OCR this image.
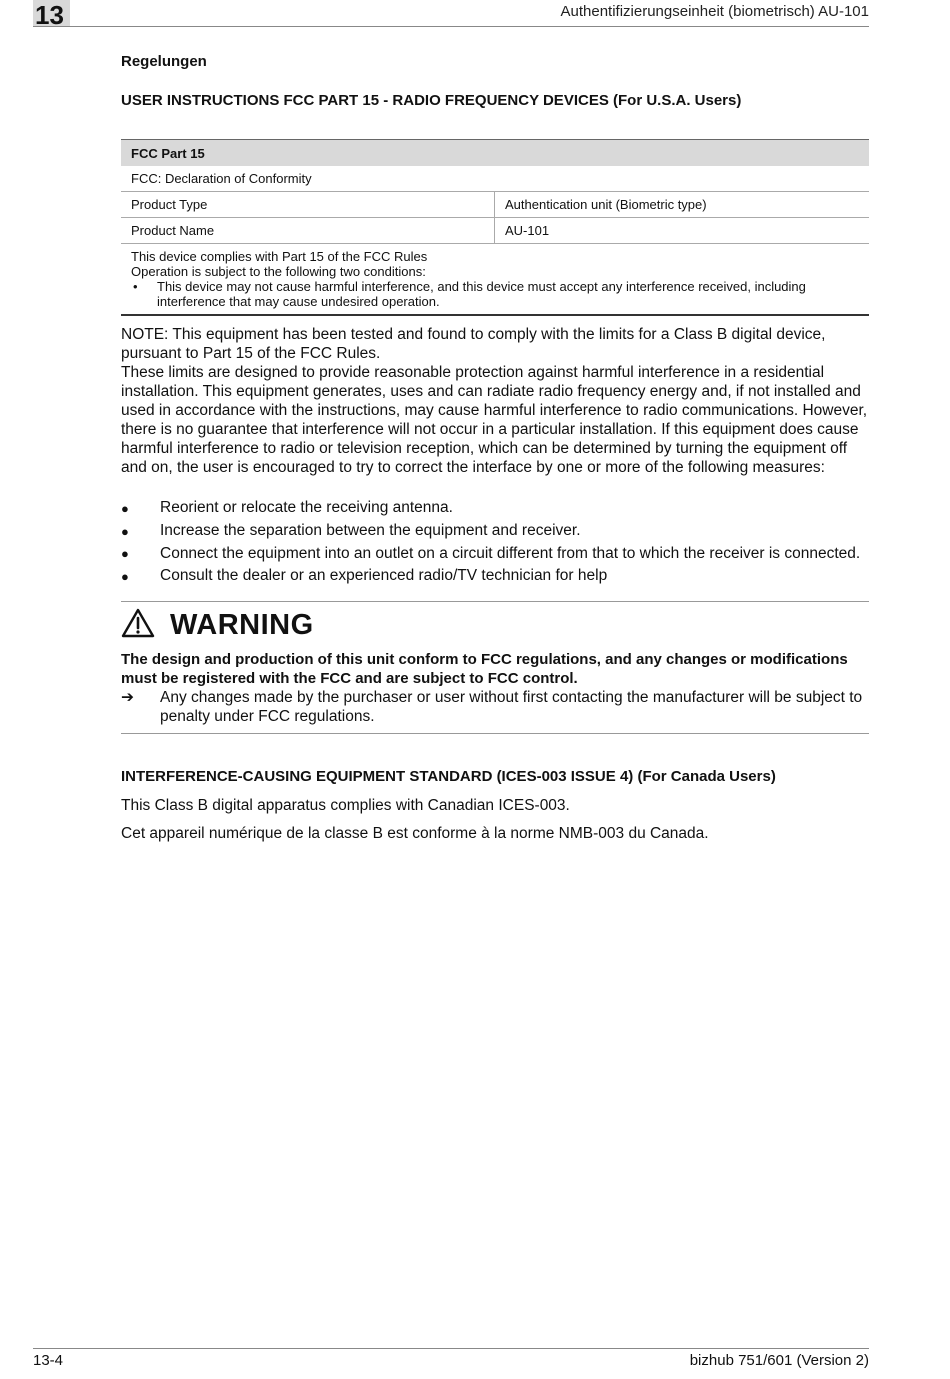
13	Authentifizierungseinheit (biometrisch) AU-101
Regelungen
USER INSTRUCTIONS FCC PART 15 - RADIO FREQUENCY DEVICES (For U.S.A. Users)
FCC Part 15	
FCC: Declaration of Conformity	
Product Type	Authentication unit (Biometric type)
Product Name	AU-101

This device complies with Part 15 of the FCC Rules
Operation is subject to the following two conditions:
• This device may not cause harmful interference, and this device must accept any interference received, including interference that may cause undesired operation.	

NOTE: This equipment has been tested and found to comply with the limits for a Class B digital device, pursuant to Part 15 of the FCC Rules.

These limits are designed to provide reasonable protection against harmful interference in a residential installation. This equipment generates, uses and can radiate radio frequency energy and, if not installed and used in accordance with the instructions, may cause harmful interference to radio communications. However, there is no guarantee that interference will not occur in a particular installation. If this equipment does cause harmful interference to radio or television reception, which can be determined by turning the equipment off and on, the user is encouraged to try to correct the interface by one or more of the following measures:

●	Reorient or relocate the receiving antenna.
●	Increase the separation between the equipment and receiver.
●	Connect the equipment into an outlet on a circuit different from that to which the receiver is connected.
●	Consult the dealer or an experienced radio/TV technician for help
WARNING
The design and production of this unit conform to FCC regulations, and any changes or modifications must be registered with the FCC and are subject to FCC control.
➔	Any changes made by the purchaser or user without first contacting the manufacturer will be subject to penalty under FCC regulations.
INTERFERENCE-CAUSING EQUIPMENT STANDARD (ICES-003 ISSUE 4) (For Canada Users)
This Class B digital apparatus complies with Canadian ICES-003.
Cet appareil numérique de la classe B est conforme à la norme NMB-003 du Canada.
13-4	bizhub 751/601 (Version 2)
